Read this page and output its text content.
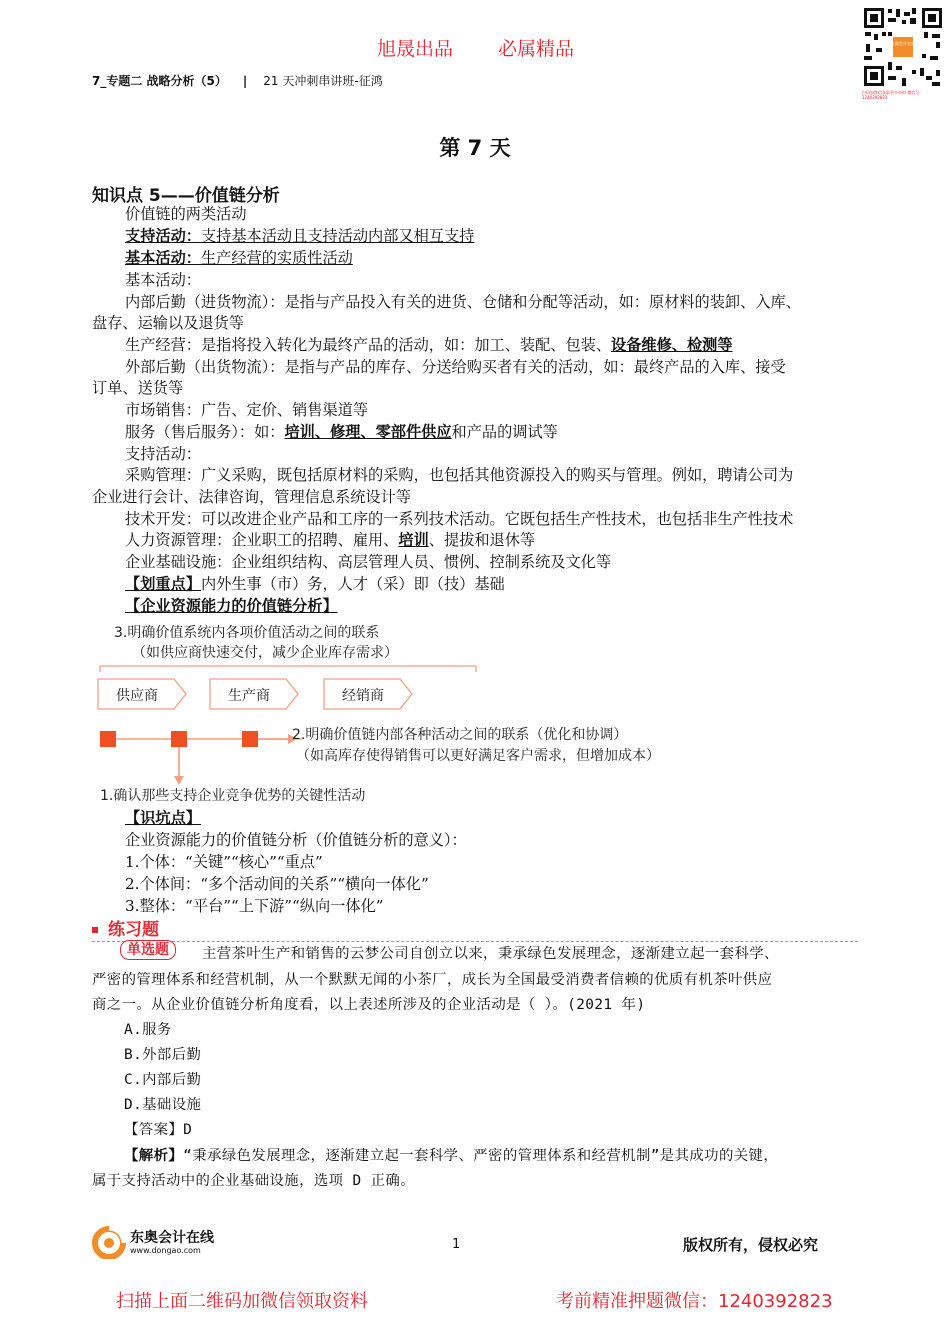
旭晟出品 必属精品
7_专题二 战略分析（5） | 21 天冲刺串讲班-征鸿
东奥会计在线
扫码加微信获取更多资料 微信号：1240392823
第 7 天
知识点 5——价值链分析
价值链的两类活动
支持活动：支持基本活动且支持活动内部又相互支持
基本活动：生产经营的实质性活动
基本活动：
内部后勤（进货物流）：是指与产品投入有关的进货、仓储和分配等活动，如：原材料的装卸、入库、
盘存、运输以及退货等
生产经营：是指将投入转化为最终产品的活动，如：加工、装配、包装、设备维修、检测等
外部后勤（出货物流）：是指与产品的库存、分送给购买者有关的活动，如：最终产品的入库、接受
订单、送货等
市场销售：广告、定价、销售渠道等
服务（售后服务）：如：培训、修理、零部件供应和产品的调试等
支持活动：
采购管理：广义采购，既包括原材料的采购，也包括其他资源投入的购买与管理。例如，聘请公司为
企业进行会计、法律咨询，管理信息系统设计等
技术开发：可以改进企业产品和工序的一系列技术活动。它既包括生产性技术，也包括非生产性技术
人力资源管理：企业职工的招聘、雇用、培训、提拔和退休等
企业基础设施：企业组织结构、高层管理人员、惯例、控制系统及文化等
【划重点】内外生事（市）务，人才（采）即（技）基础
【企业资源能力的价值链分析】
3.明确价值系统内各项价值活动之间的联系
（如供应商快速交付，减少企业库存需求）
供应商	生产商	经销商
2.明确价值链内部各种活动之间的联系（优化和协调）
（如高库存使得销售可以更好满足客户需求，但增加成本）
1.确认那些支持企业竞争优势的关键性活动
【识坑点】
企业资源能力的价值链分析（价值链分析的意义）：
1.个体：“关键”“核心”“重点”
2.个体间：“多个活动间的关系”“横向一体化”
3.整体：“平台”“上下游”“纵向一体化”
练习题
单选题	主营茶叶生产和销售的云梦公司自创立以来，秉承绿色发展理念，逐渐建立起一套科学、
严密的管理体系和经营机制，从一个默默无闻的小茶厂，成长为全国最受消费者信赖的优质有机茶叶供应
商之一。从企业价值链分析角度看，以上表述所涉及的企业活动是（ ）。(2021 年)
A.服务
B.外部后勤
C.内部后勤
D.基础设施
【答案】D
【解析】“秉承绿色发展理念，逐渐建立起一套科学、严密的管理体系和经营机制”是其成功的关键，
属于支持活动中的企业基础设施，选项 D 正确。
东奥会计在线
www.dongao.com	1	版权所有，侵权必究
扫描上面二维码加微信领取资料	考前精准押题微信：1240392823
